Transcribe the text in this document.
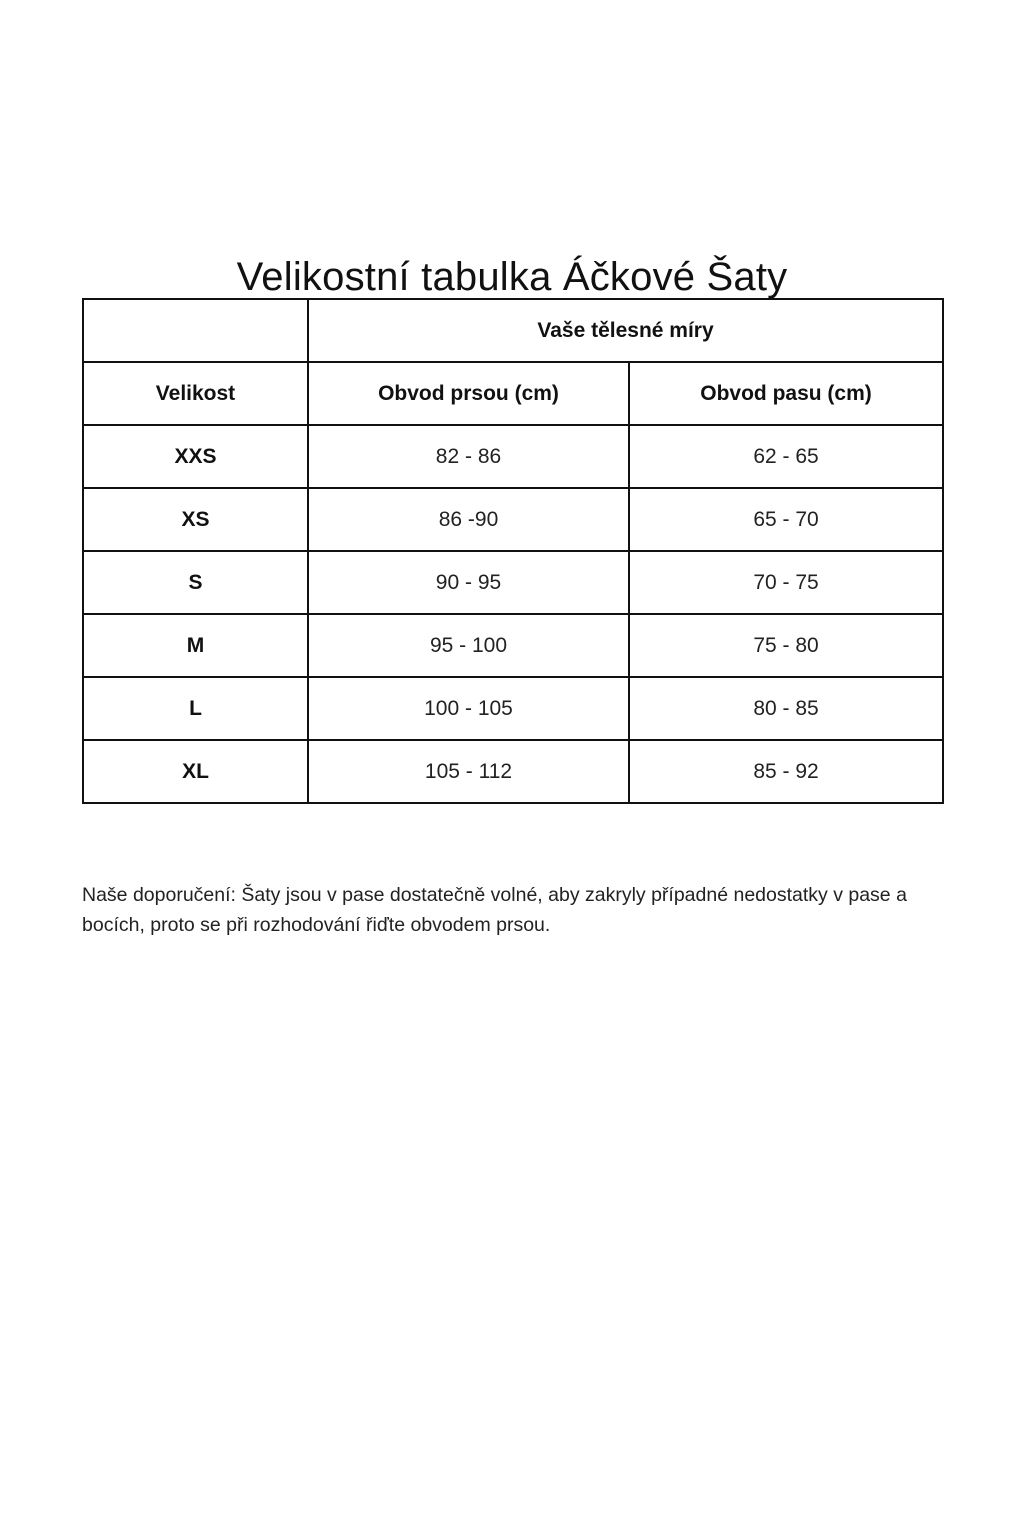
Velikostní tabulka Áčkové Šaty
	Vaše tělesné míry	
Velikost	Obvod prsou (cm)	Obvod pasu (cm)
XXS	82 - 86	62 - 65
XS	86 -90	65 - 70
S	90 - 95	70 - 75
M	95 - 100	75 - 80
L	100 - 105	80 - 85
XL	105 - 112	85 - 92

Naše doporučení: Šaty jsou v pase dostatečně volné, aby zakryly případné nedostatky v pase a bocích, proto se při rozhodování řiďte obvodem prsou.
